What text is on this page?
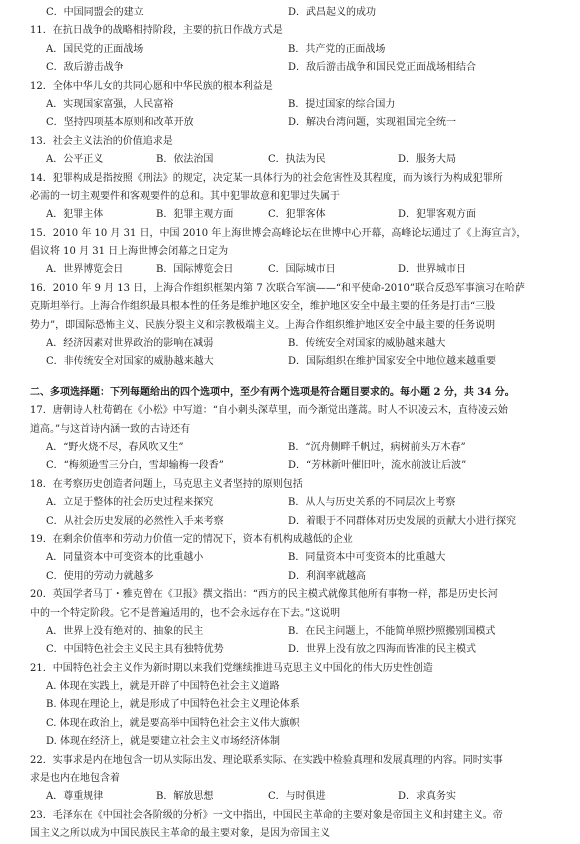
C．中国同盟会的建立	D．武昌起义的成功
11．在抗日战争的战略相持阶段，主要的抗日作战方式是
A．国民党的正面战场	B．共产党的正面战场
C．敌后游击战争	D．敌后游击战争和国民党正面战场相结合
12．全体中华儿女的共同心愿和中华民族的根本利益是
A．实现国家富强，人民富裕	B．提过国家的综合国力
C．坚持四项基本原则和改革开放	D．解决台湾问题，实现祖国完全统一
13．社会主义法治的价值追求是
A．公平正义	B．依法治国	C．执法为民	D．服务大局
14．犯罪构成是指按照《刑法》的规定，决定某一具体行为的社会危害性及其程度，而为该行为构成犯罪所
必需的一切主观要件和客观要件的总和。其中犯罪故意和犯罪过失属于
A．犯罪主体	B．犯罪主观方面	C．犯罪客体	D．犯罪客观方面
15．2010 年 10 月 31 日，中国 2010 年上海世博会高峰论坛在世博中心开幕，高峰论坛通过了《上海宣言》，
倡议将 10 月 31 日上海世博会闭幕之日定为
A．世界博览会日	B．国际博览会日	C．国际城市日	D．世界城市日
16．2010 年 9 月 13 日，上海合作组织框架内第 7 次联合军演——“和平使命-2010”联合反恐军事演习在哈萨
克斯坦举行。上海合作组织最具根本性的任务是维护地区安全，维护地区安全中最主要的任务是打击“三股
势力”，即国际恐怖主义、民族分裂主义和宗教极端主义。上海合作组织维护地区安全中最主要的任务说明
A．经济因素对世界政治的影响在减弱	B．传统安全对国家的威胁越来越大
C．非传统安全对国家的威胁越来越大	D．国际组织在维护国家安全中地位越来越重要
二、多项选择题：下列每题给出的四个选项中，至少有两个选项是符合题目要求的。每小题 2 分，共 34 分。
17．唐朝诗人杜荀鹤在《小松》中写道：“自小刺头深草里，而今渐觉出蓬蒿。时人不识凌云木，直待凌云始
道高。”与这首诗内涵一致的古诗还有
A．“野火烧不尽，春风吹又生”	B．“沉舟侧畔千帆过，病树前头万木春”
C．“梅须逊雪三分白，雪却输梅一段香”	D．“芳林新叶催旧叶，流水前波让后波”
18．在考察历史创造者问题上，马克思主义者坚持的原则包括
A．立足于整体的社会历史过程来探究	B．从人与历史关系的不同层次上考察
C．从社会历史发展的必然性入手来考察	D．着眼于不同群体对历史发展的贡献大小进行探究
19．在剩余价值率和劳动力价值一定的情况下，资本有机构成越低的企业
A．同量资本中可变资本的比重越小	B．同量资本中可变资本的比重越大
C．使用的劳动力就越多	D．利润率就越高
20．英国学者马丁・雅克曾在《卫报》撰文指出：“西方的民主模式就像其他所有事物一样，都是历史长河
中的一个特定阶段。它不是普遍适用的，也不会永远存在下去。”这说明
A．世界上没有绝对的、抽象的民主	B．在民主问题上，不能简单照抄照搬别国模式
C．中国特色社会主义民主具有独特优势	D．世界上没有放之四海而皆准的民主模式
21．中国特色社会主义作为新时期以来我们党继续推进马克思主义中国化的伟大历史性创造
A. 体现在实践上，就是开辟了中国特色社会主义道路
B. 体现在理论上，就是形成了中国特色社会主义理论体系
C. 体现在政治上，就是要高举中国特色社会主义伟大旗帜
D. 体现在经济上，就是要建立社会主义市场经济体制
22．实事求是内在地包含一切从实际出发、理论联系实际、在实践中检验真理和发展真理的内容。同时实事
求是也内在地包含着
A．尊重规律	B．解放思想	C．与时俱进	D．求真务实
23．毛泽东在《中国社会各阶级的分析》一文中指出，中国民主革命的主要对象是帝国主义和封建主义。帝
国主义之所以成为中国民族民主革命的最主要对象，是因为帝国主义
